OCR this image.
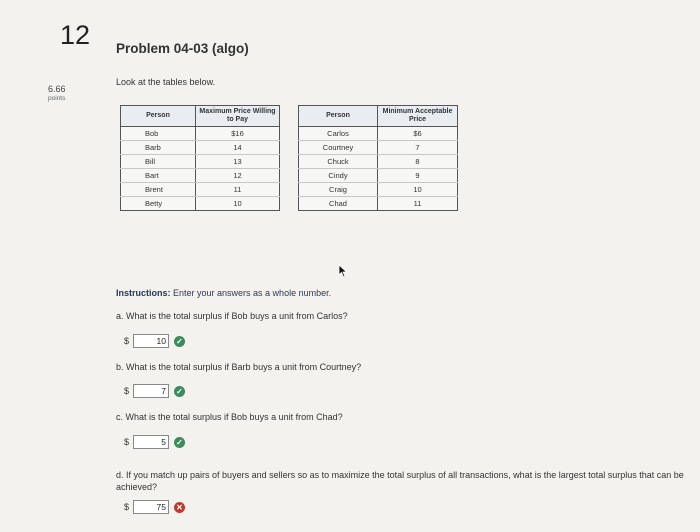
12 Problem 04-03 (algo)
6.66
points
Look at the tables below.
Person	Maximum Price Willing to Pay
Bob	$16
Barb	14
Bill	13
Bart	12
Brent	11
Betty	10
Person	Minimum Acceptable Price
Carlos	$6
Courtney	7
Chuck	8
Cindy	9
Craig	10
Chad	11
Instructions: Enter your answers as a whole number.
a. What is the total surplus if Bob buys a unit from Carlos?
$	10	✓
b. What is the total surplus if Barb buys a unit from Courtney?
$	7	✓
c. What is the total surplus if Bob buys a unit from Chad?
$	5	✓
d. If you match up pairs of buyers and sellers so as to maximize the total surplus of all transactions, what is the largest total surplus that can be achieved?
$	75	✕
